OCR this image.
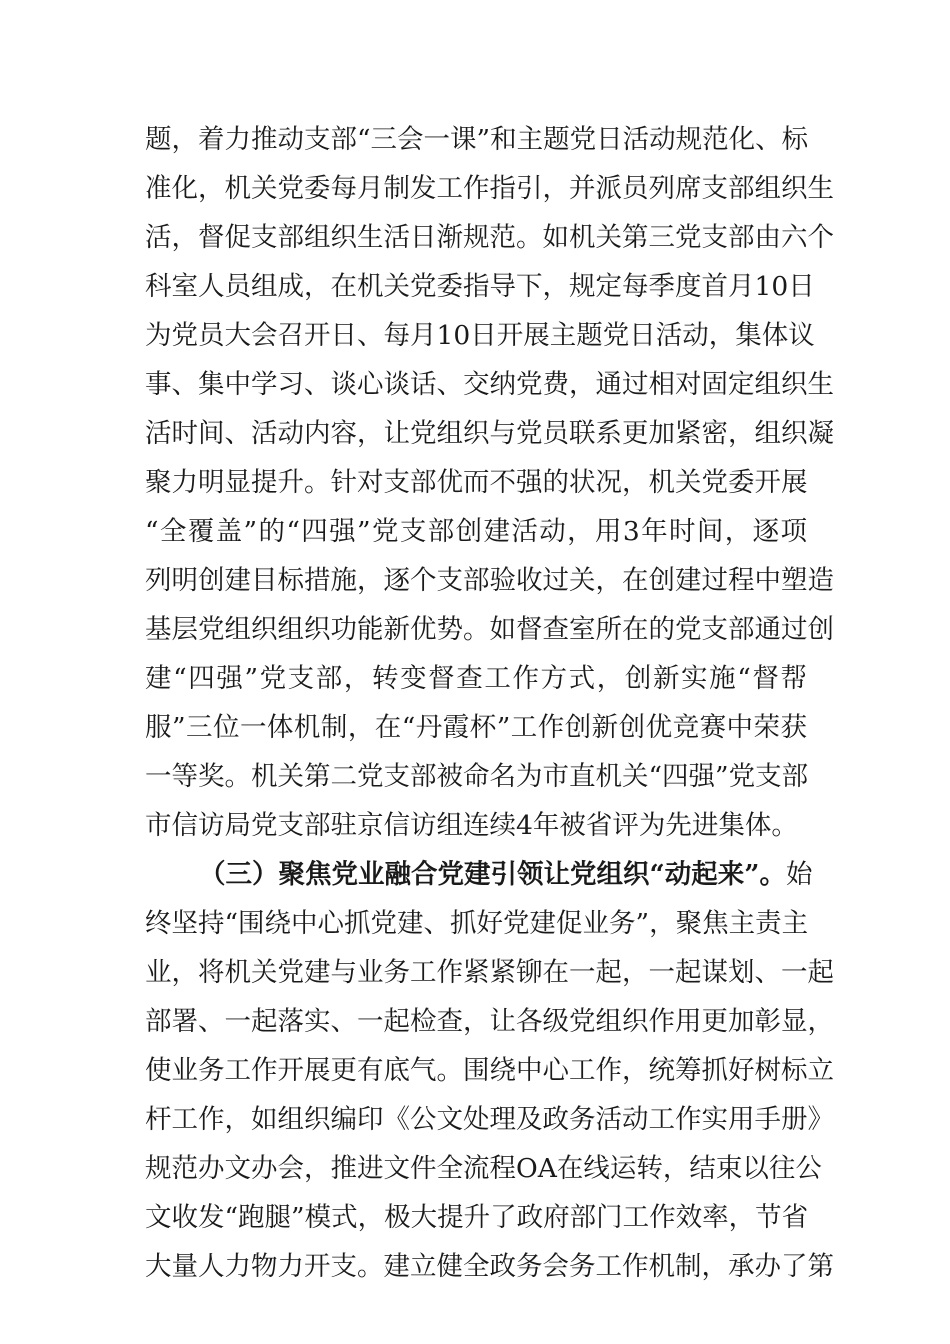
题，着力推动支部“三会一课”和主题党日活动规范化、标
准化，机关党委每月制发工作指引，并派员列席支部组织生
活，督促支部组织生活日渐规范。如机关第三党支部由六个
科室人员组成，在机关党委指导下，规定每季度首月10日
为党员大会召开日、每月10日开展主题党日活动，集体议
事、集中学习、谈心谈话、交纳党费，通过相对固定组织生
活时间、活动内容，让党组织与党员联系更加紧密，组织凝
聚力明显提升。针对支部优而不强的状况，机关党委开展
“全覆盖”的“四强”党支部创建活动，用3年时间，逐项
列明创建目标措施，逐个支部验收过关，在创建过程中塑造
基层党组织组织功能新优势。如督查室所在的党支部通过创
建“四强”党支部，转变督查工作方式，创新实施“督帮
服”三位一体机制，在“丹霞杯”工作创新创优竞赛中荣获
一等奖。机关第二党支部被命名为市直机关“四强”党支部
市信访局党支部驻京信访组连续4年被省评为先进集体。
（三）聚焦党业融合党建引领让党组织“动起来”。始
终坚持“围绕中心抓党建、抓好党建促业务”，聚焦主责主
业，将机关党建与业务工作紧紧铆在一起，一起谋划、一起
部署、一起落实、一起检查，让各级党组织作用更加彰显，
使业务工作开展更有底气。围绕中心工作，统筹抓好树标立
杆工作，如组织编印《公文处理及政务活动工作实用手册》
规范办文办会，推进文件全流程OA在线运转，结束以往公
文收发“跑腿”模式，极大提升了政府部门工作效率，节省
大量人力物力开支。建立健全政务会务工作机制，承办了第
